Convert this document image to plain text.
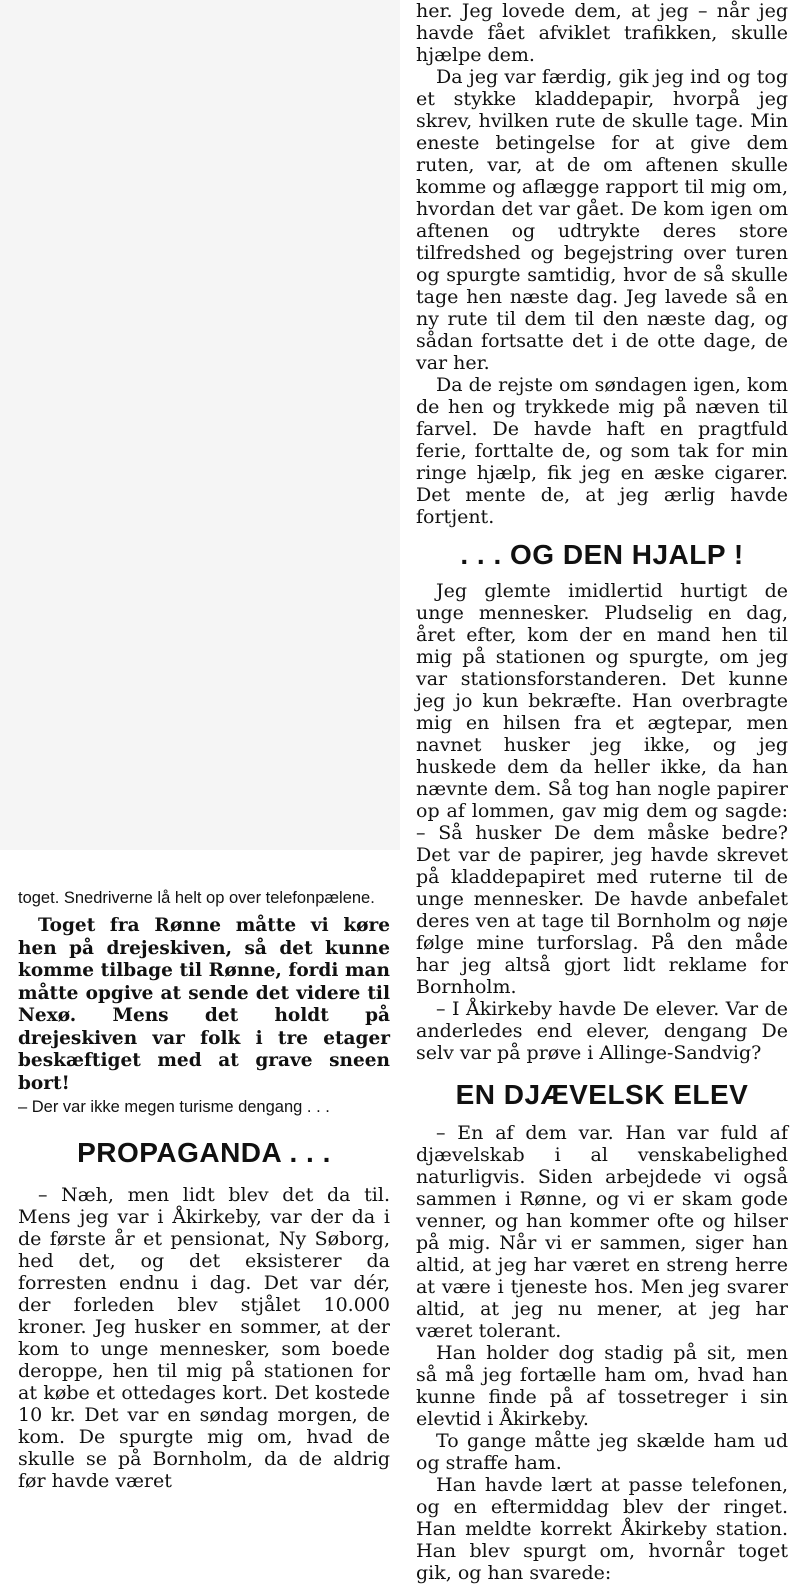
toget. Snedriverne lå helt op over telefonpælene.

Toget fra Rønne måtte vi køre hen på drejeskiven, så det kunne komme tilbage til Rønne, fordi man måtte opgive at sende det videre til Nexø. Mens det holdt på drejeskiven var folk i tre etager beskæftiget med at grave sneen bort!

– Der var ikke megen turisme dengang . . .

PROPAGANDA . . .

– Næh, men lidt blev det da til. Mens jeg var i Åkirkeby, var der da i de første år et pensionat, Ny Søborg, hed det, og det eksisterer da forresten endnu i dag. Det var dér, der forleden blev stjålet 10.000 kroner. Jeg husker en sommer, at der kom to unge mennesker, som boede deroppe, hen til mig på stationen for at købe et ottedages kort. Det kostede 10 kr. Det var en søndag morgen, de kom. De spurgte mig om, hvad de skulle se på Bornholm, da de aldrig før havde været

her. Jeg lovede dem, at jeg – når jeg havde fået afviklet trafikken, skulle hjælpe dem.

Da jeg var færdig, gik jeg ind og tog et stykke kladdepapir, hvorpå jeg skrev, hvilken rute de skulle tage. Min eneste betingelse for at give dem ruten, var, at de om aftenen skulle komme og aflægge rapport til mig om, hvordan det var gået. De kom igen om aftenen og udtrykte deres store tilfredshed og begejstring over turen og spurgte samtidig, hvor de så skulle tage hen næste dag. Jeg lavede så en ny rute til dem til den næste dag, og sådan fortsatte det i de otte dage, de var her.

Da de rejste om søndagen igen, kom de hen og trykkede mig på næven til farvel. De havde haft en pragtfuld ferie, forttalte de, og som tak for min ringe hjælp, fik jeg en æske cigarer. Det mente de, at jeg ærlig havde fortjent.

. . . OG DEN HJALP !

Jeg glemte imidlertid hurtigt de unge mennesker. Pludselig en dag, året efter, kom der en mand hen til mig på stationen og spurgte, om jeg var stationsforstanderen. Det kunne jeg jo kun bekræfte. Han overbragte mig en hilsen fra et ægtepar, men navnet husker jeg ikke, og jeg huskede dem da heller ikke, da han nævnte dem. Så tog han nogle papirer op af lommen, gav mig dem og sagde: – Så husker De dem måske bedre? Det var de papirer, jeg havde skrevet på kladdepapiret med ruterne til de unge mennesker. De havde anbefalet deres ven at tage til Bornholm og nøje følge mine turforslag. På den måde har jeg altså gjort lidt reklame for Bornholm.

– I Åkirkeby havde De elever. Var de anderledes end elever, dengang De selv var på prøve i Allinge-Sandvig?

EN DJÆVELSK ELEV

– En af dem var. Han var fuld af djævelskab i al venskabelighed naturligvis. Siden arbejdede vi også sammen i Rønne, og vi er skam gode venner, og han kommer ofte og hilser på mig. Når vi er sammen, siger han altid, at jeg har været en streng herre at være i tjeneste hos. Men jeg svarer altid, at jeg nu mener, at jeg har været tolerant.

Han holder dog stadig på sit, men så må jeg fortælle ham om, hvad han kunne finde på af tossetreger i sin elevtid i Åkirkeby.

To gange måtte jeg skælde ham ud og straffe ham.

Han havde lært at passe telefonen, og en eftermiddag blev der ringet. Han meldte korrekt Åkirkeby station. Han blev spurgt om, hvornår toget gik, og han svarede:
